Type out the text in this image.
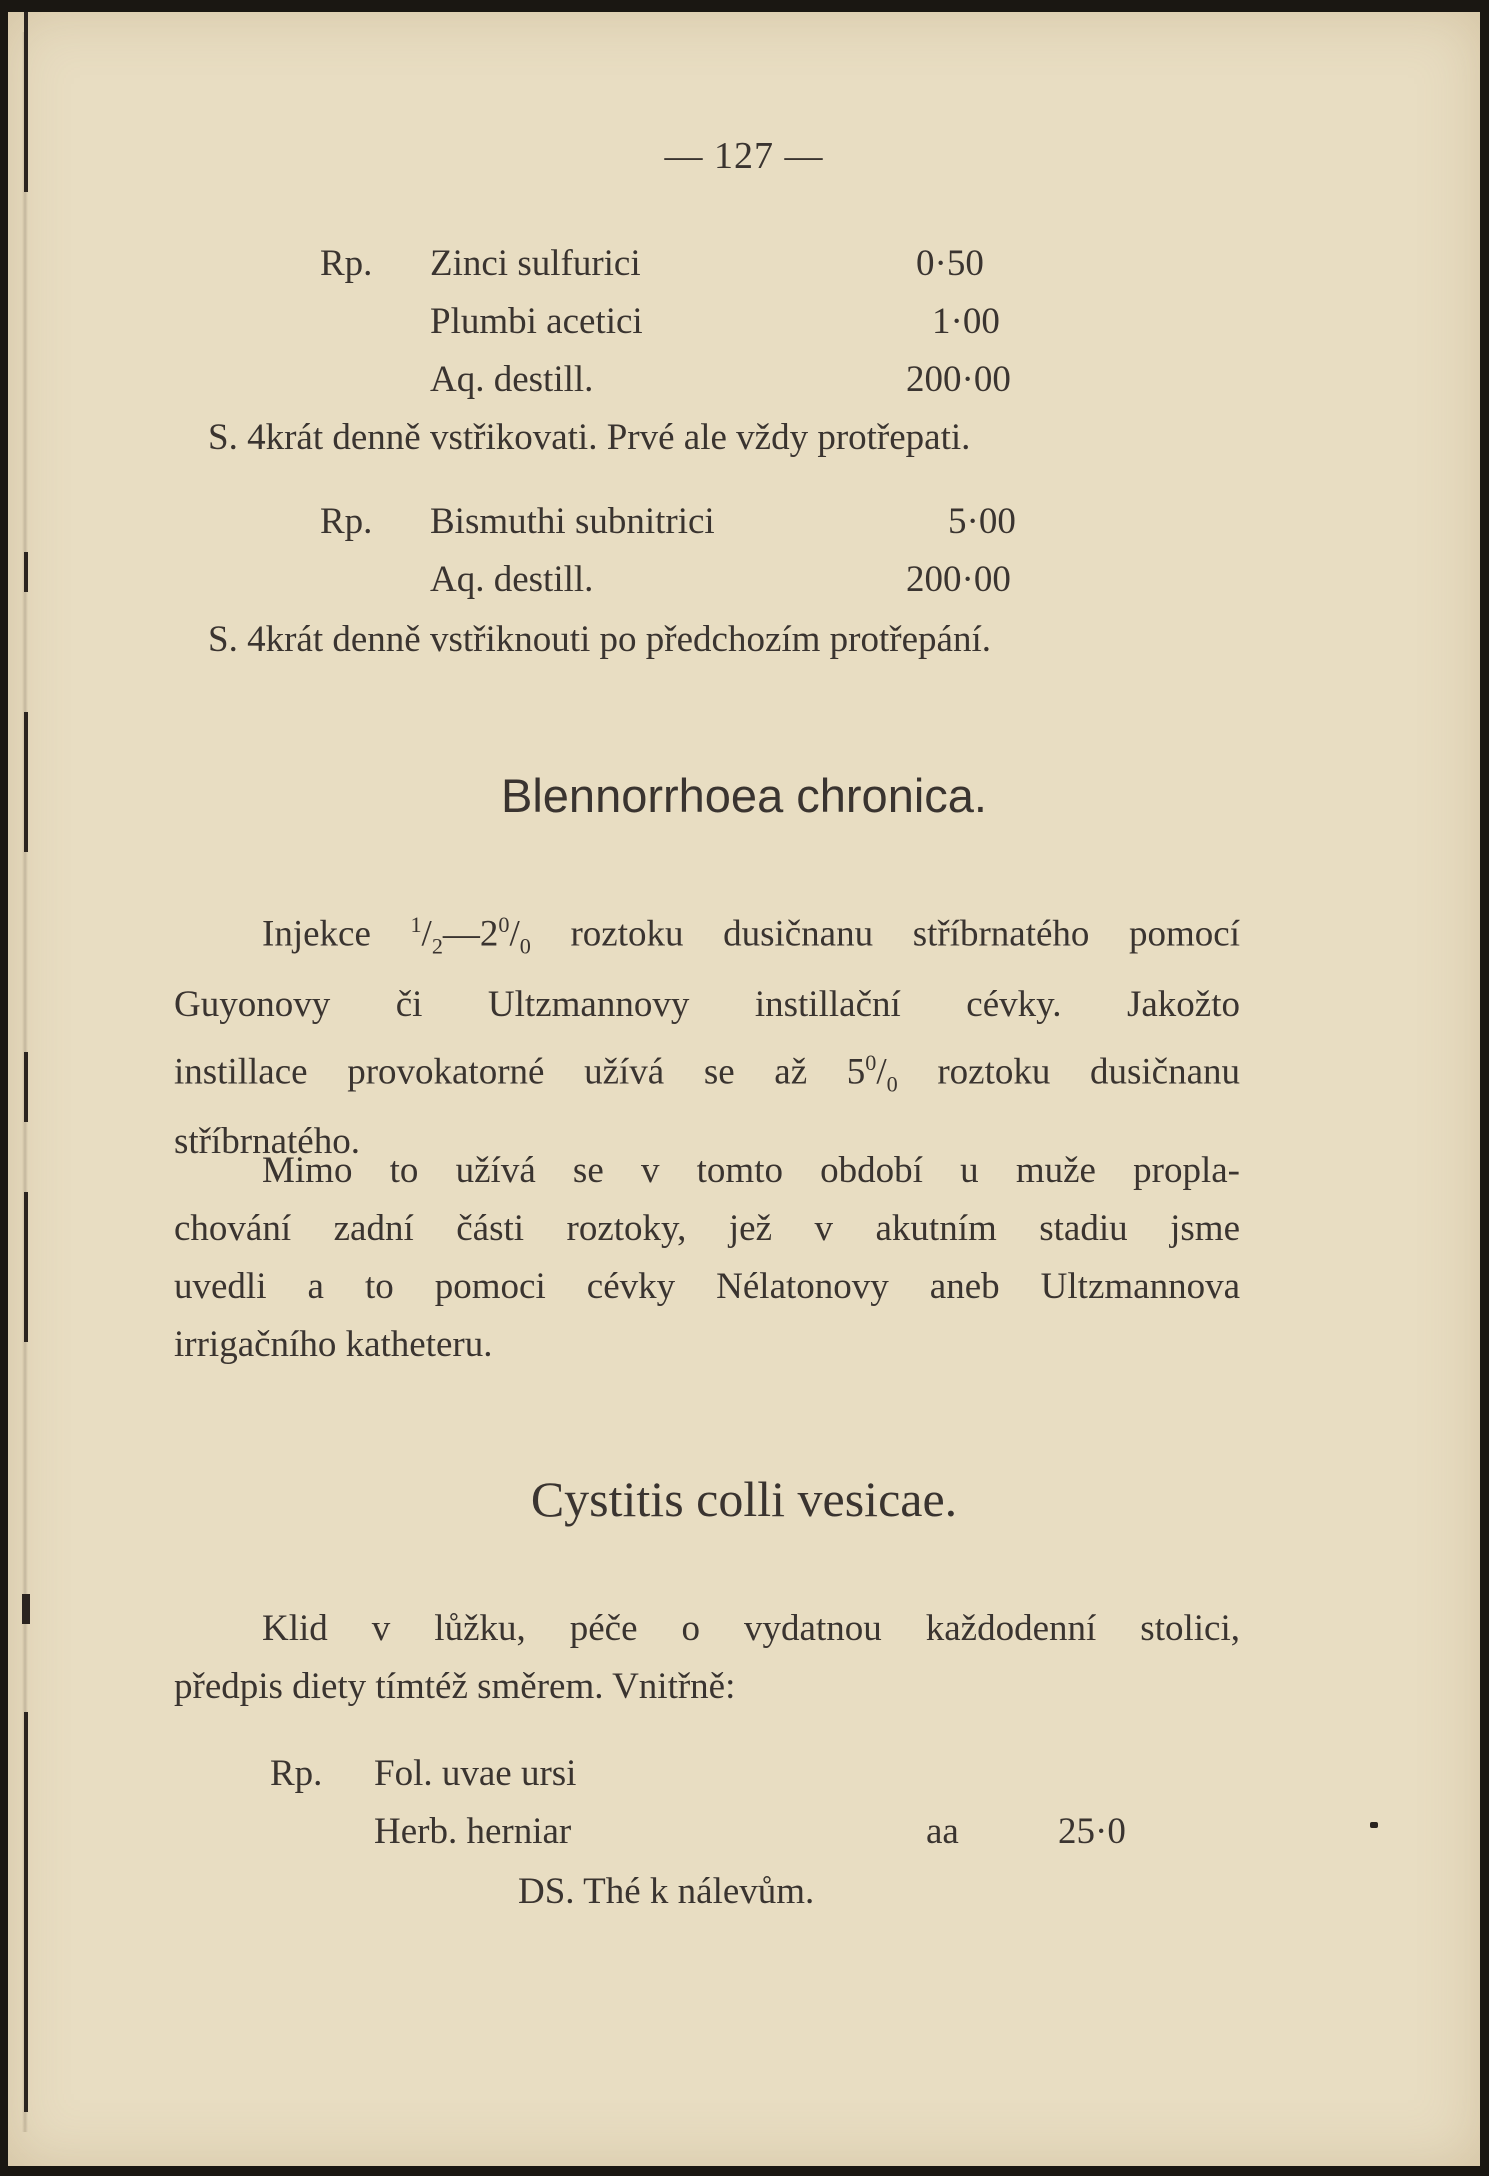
— 127 —
Rp. Zinci sulfurici	0·50
Plumbi acetici	1·00
Aq. destill.	200·00
S. 4krát denně vstřikovati. Prvé ale vždy protřepati.
Rp. Bismuthi subnitrici	5·00
Aq. destill.	200·00
S. 4krát denně vstřiknouti po předchozím protřepání.
Blennorrhoea chronica.
Injekce $^1/_2—2^0/_0$ roztoku dusičnanu stříbrnatého pomocí
Guyonovy či Ultzmannovy instillační cévky. Jakožto
instillace provokatorné užívá se až $5^0/_0$ roztoku dusičnanu
stříbrnatého.
Mimo to užívá se v tomto období u muže propla-
chování zadní části roztoky, jež v akutním stadiu jsme
uvedli a to pomoci cévky Nélatonovy aneb Ultzmannova
irrigačního katheteru.
Cystitis colli vesicae.
Klid v lůžku, péče o vydatnou každodenní stolici,
předpis diety tímtéž směrem. Vnitřně:
Rp. Fol. uvae ursi
Herb. herniar	aa	25·0
DS. Thé k nálevům.
